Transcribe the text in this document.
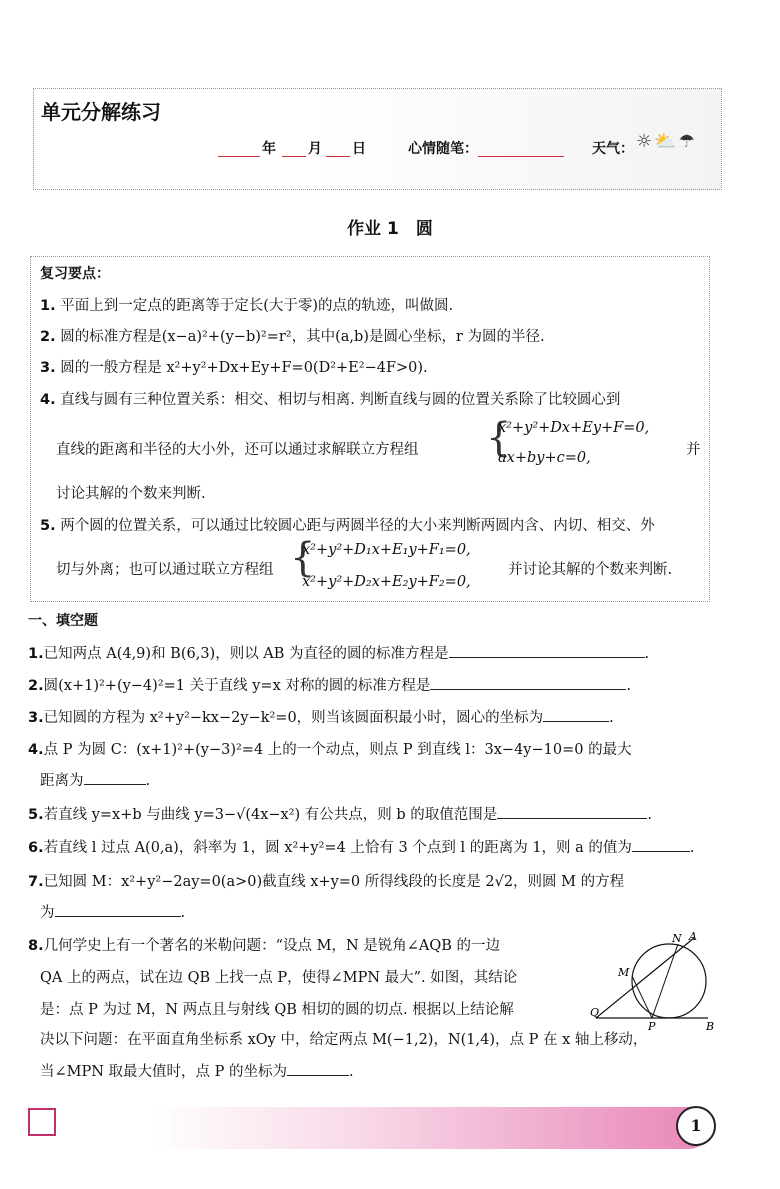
单元分解练习
年 月 日	心情随笔：	天气： ☼⛅☂
作业 1　圆
复习要点：
1. 平面上到一定点的距离等于定长(大于零)的点的轨迹，叫做圆.
2. 圆的标准方程是(x−a)²+(y−b)²=r²，其中(a,b)是圆心坐标，r 为圆的半径.
3. 圆的一般方程是 x²+y²+Dx+Ey+F=0(D²+E²−4F>0).
4. 直线与圆有三种位置关系：相交、相切与相离. 判断直线与圆的位置关系除了比较圆心到
直线的距离和半径的大小外，还可以通过求解联立方程组 {
x²+y²+Dx+Ey+F=0,
ax+by+c=0,	并
讨论其解的个数来判断.
5. 两个圆的位置关系，可以通过比较圆心距与两圆半径的大小来判断两圆内含、内切、相交、外
切与外离；也可以通过联立方程组 {
x²+y²+D₁x+E₁y+F₁=0,
x²+y²+D₂x+E₂y+F₂=0,
并讨论其解的个数来判断.
一、填空题
1.已知两点 A(4,9)和 B(6,3)，则以 AB 为直径的圆的标准方程是	.
2.圆(x+1)²+(y−4)²=1 关于直线 y=x 对称的圆的标准方程是	.
3.已知圆的方程为 x²+y²−kx−2y−k²=0，则当该圆面积最小时，圆心的坐标为	.
4.点 P 为圆 C：(x+1)²+(y−3)²=4 上的一个动点，则点 P 到直线 l：3x−4y−10=0 的最大
距离为	.
5.若直线 y=x+b 与曲线 y=3−√(4x−x²) 有公共点，则 b 的取值范围是	.
6.若直线 l 过点 A(0,a)，斜率为 1，圆 x²+y²=4 上恰有 3 个点到 l 的距离为 1，则 a 的值为	.
7.已知圆 M：x²+y²−2ay=0(a>0)截直线 x+y=0 所得线段的长度是 2√2，则圆 M 的方程
为	.
8.几何学史上有一个著名的米勒问题：“设点 M，N 是锐角∠AQB 的一边
QA 上的两点，试在边 QB 上找一点 P，使得∠MPN 最大”. 如图，其结论
是：点 P 为过 M，N 两点且与射线 QB 相切的圆的切点. 根据以上结论解
决以下问题：在平面直角坐标系 xOy 中，给定两点 M(−1,2)，N(1,4)，点 P 在 x 轴上移动，
当∠MPN 取最大值时，点 P 的坐标为	.
N A
M
Q
P	B
1
